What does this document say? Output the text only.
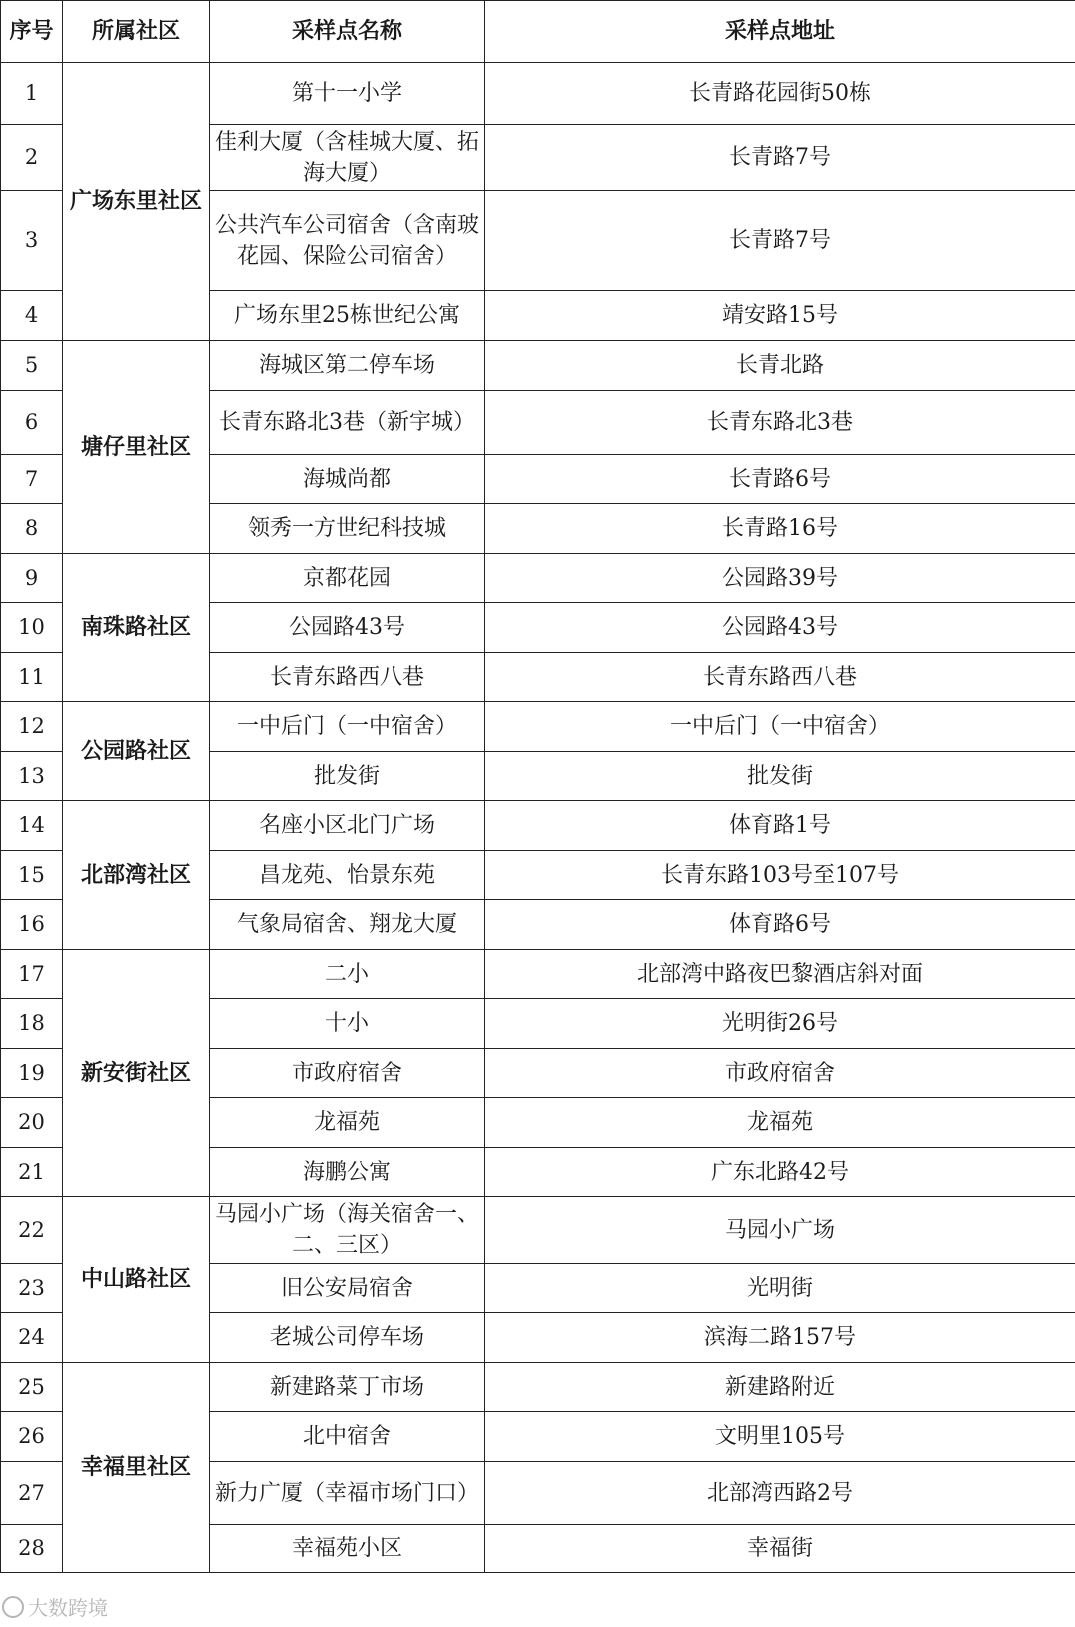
序号	所属社区	采样点名称	采样点地址
1	广场东里社区	第十一小学	长青路花园街50栋
2		佳利大厦（含桂城大厦、拓海大厦）	长青路7号
3		公共汽车公司宿舍（含南玻花园、保险公司宿舍）	长青路7号
4		广场东里25栋世纪公寓	靖安路15号
5	塘仔里社区	海城区第二停车场	长青北路
6		长青东路北3巷（新宇城）	长青东路北3巷
7		海城尚都	长青路6号
8		领秀一方世纪科技城	长青路16号
9	南珠路社区	京都花园	公园路39号
10		公园路43号	公园路43号
11		长青东路西八巷	长青东路西八巷
12	公园路社区	一中后门（一中宿舍）	一中后门（一中宿舍）
13		批发街	批发街
14	北部湾社区	名座小区北门广场	体育路1号
15		昌龙苑、怡景东苑	长青东路103号至107号
16		气象局宿舍、翔龙大厦	体育路6号
17	新安街社区	二小	北部湾中路夜巴黎酒店斜对面
18		十小	光明街26号
19		市政府宿舍	市政府宿舍
20		龙福苑	龙福苑
21		海鹏公寓	广东北路42号
22	中山路社区	马园小广场（海关宿舍一、二、三区）	马园小广场
23		旧公安局宿舍	光明街
24		老城公司停车场	滨海二路157号
25	幸福里社区	新建路菜丁市场	新建路附近
26		北中宿舍	文明里105号
27		新力广厦（幸福市场门口）	北部湾西路2号
28		幸福苑小区	幸福街
大数跨境
